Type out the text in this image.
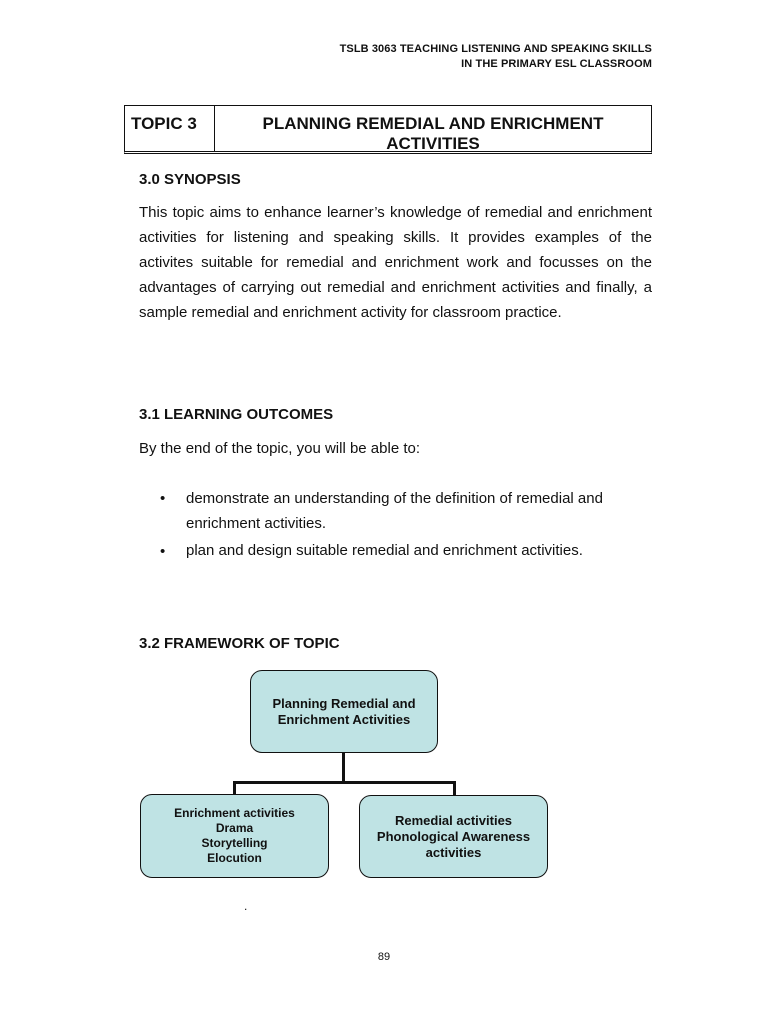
TSLB 3063 TEACHING LISTENING AND SPEAKING SKILLS
IN THE PRIMARY ESL CLASSROOM
TOPIC 3	PLANNING REMEDIAL AND ENRICHMENT
ACTIVITIES
3.0 SYNOPSIS
This topic aims to enhance learner’s knowledge of remedial and enrichment activities for listening and speaking skills. It provides examples of the activites suitable for remedial and enrichment work and focusses on the advantages of carrying out remedial and enrichment activities and finally, a sample remedial and enrichment activity for classroom practice.
3.1 LEARNING OUTCOMES
By the end of the topic, you will be able to:
• demonstrate an understanding of the definition of remedial and enrichment activities.
• plan and design suitable remedial and enrichment activities.
3.2 FRAMEWORK OF TOPIC
Planning Remedial and
Enrichment Activities
Enrichment activities
Drama
Storytelling
Elocution
Remedial activities
Phonological Awareness
activities
.
89
